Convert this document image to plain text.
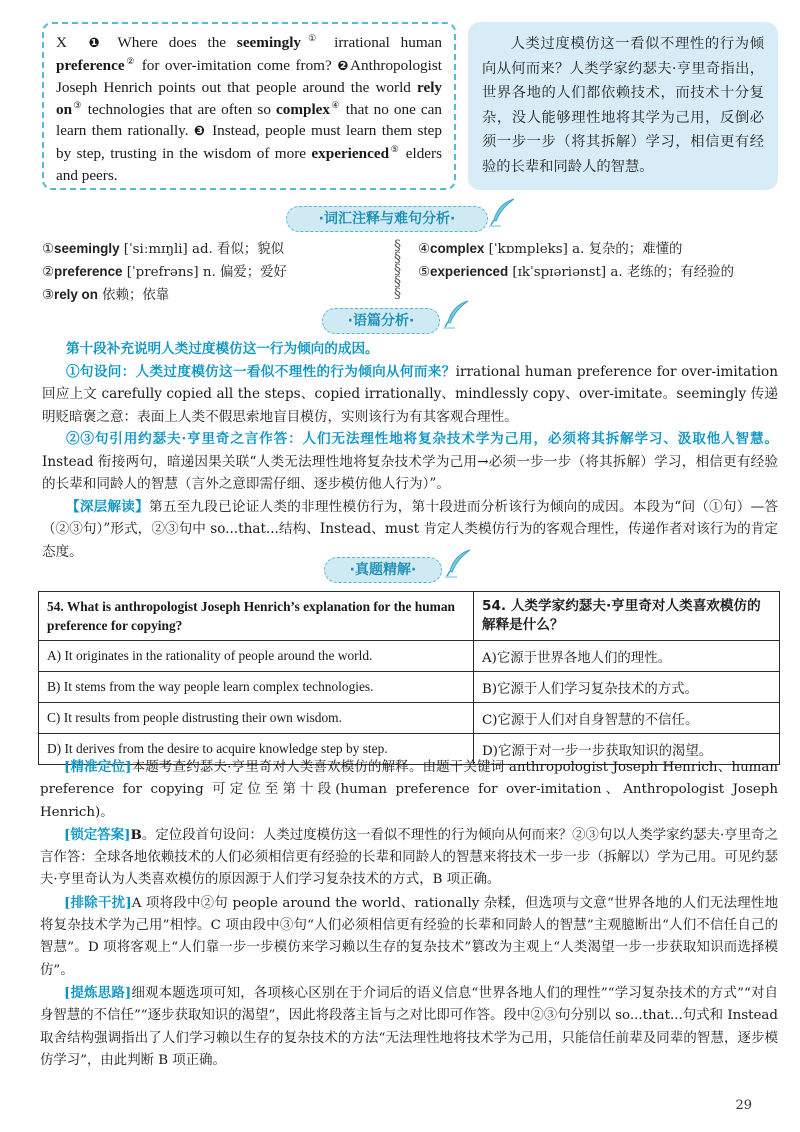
X ❶ Where does the seemingly① irrational human preference② for over-imitation come from? ❷Anthropologist Joseph Henrich points out that people around the world rely on③ technologies that are often so complex④ that no one can learn them rationally. ❸ Instead, people must learn them step by step, trusting in the wisdom of more experienced⑤ elders and peers.
人类过度模仿这一看似不理性的行为倾向从何而来？人类学家约瑟夫·亨里奇指出，世界各地的人们都依赖技术，而技术十分复杂，没人能够理性地将其学为己用，反倒必须一步一步（将其拆解）学习，相信更有经验的长辈和同龄人的智慧。
·词汇注释与难句分析·
①seemingly [ˈsiːmɪŋli] ad. 看似；貌似
②preference [ˈprefrəns] n. 偏爱；爱好
③rely on 依赖；依靠
§
§
§
§
§
④complex [ˈkɒmpleks] a. 复杂的；难懂的
⑤experienced [ɪkˈspɪəriənst] a. 老练的；有经验的
·语篇分析·
第十段补充说明人类过度模仿这一行为倾向的成因。
①句设问：人类过度模仿这一看似不理性的行为倾向从何而来？irrational human preference for over-imitation回应上文 carefully copied all the steps、copied irrationally、mindlessly copy、over-imitate。seemingly 传递明贬暗褒之意：表面上人类不假思索地盲目模仿，实则该行为有其客观合理性。
②③句引用约瑟夫·亨里奇之言作答：人们无法理性地将复杂技术学为己用，必须将其拆解学习、汲取他人智慧。Instead 衔接两句，暗递因果关联“人类无法理性地将复杂技术学为己用→必须一步一步（将其拆解）学习，相信更有经验的长辈和同龄人的智慧（言外之意即需仔细、逐步模仿他人行为）”。
【深层解读】第五至九段已论证人类的非理性模仿行为，第十段进而分析该行为倾向的成因。本段为“问（①句）—答（②③句）”形式，②③句中 so...that...结构、Instead、must 肯定人类模仿行为的客观合理性，传递作者对该行为的肯定态度。
·真题精解·
54. What is anthropologist Joseph Henrich’s explanation for the human preference for copying?	54. 人类学家约瑟夫·亨里奇对人类喜欢模仿的解释是什么？
A) It originates in the rationality of people around the world.	A)它源于世界各地人们的理性。
B) It stems from the way people learn complex technologies.	B)它源于人们学习复杂技术的方式。
C) It results from people distrusting their own wisdom.	C)它源于人们对自身智慧的不信任。
D) It derives from the desire to acquire knowledge step by step.	D)它源于对一步一步获取知识的渴望。
[精准定位]本题考查约瑟夫·亨里奇对人类喜欢模仿的解释。由题干关键词 anthropologist Joseph Henrich、human preference for copying 可定位至第十段(human preference for over-imitation、Anthropologist Joseph Henrich)。
[锁定答案]B。定位段首句设问：人类过度模仿这一看似不理性的行为倾向从何而来？②③句以人类学家约瑟夫·亨里奇之言作答：全球各地依赖技术的人们必须相信更有经验的长辈和同龄人的智慧来将技术一步一步（拆解以）学为己用。可见约瑟夫·亨里奇认为人类喜欢模仿的原因源于人们学习复杂技术的方式，B 项正确。
[排除干扰]A 项将段中②句 people around the world、rationally 杂糅，但选项与文意“世界各地的人们无法理性地将复杂技术学为己用”相悖。C 项由段中③句“人们必须相信更有经验的长辈和同龄人的智慧”主观臆断出“人们不信任自己的智慧”。D 项将客观上“人们靠一步一步模仿来学习赖以生存的复杂技术”篡改为主观上“人类渴望一步一步获取知识而选择模仿”。
[提炼思路]细观本题选项可知，各项核心区别在于介词后的语义信息“世界各地人们的理性”“学习复杂技术的方式”“对自身智慧的不信任”“逐步获取知识的渴望”，因此将段落主旨与之对比即可作答。段中②③句分别以 so...that...句式和 Instead 取舍结构强调指出了人们学习赖以生存的复杂技术的方法“无法理性地将技术学为己用，只能信任前辈及同辈的智慧，逐步模仿学习”，由此判断 B 项正确。
29
